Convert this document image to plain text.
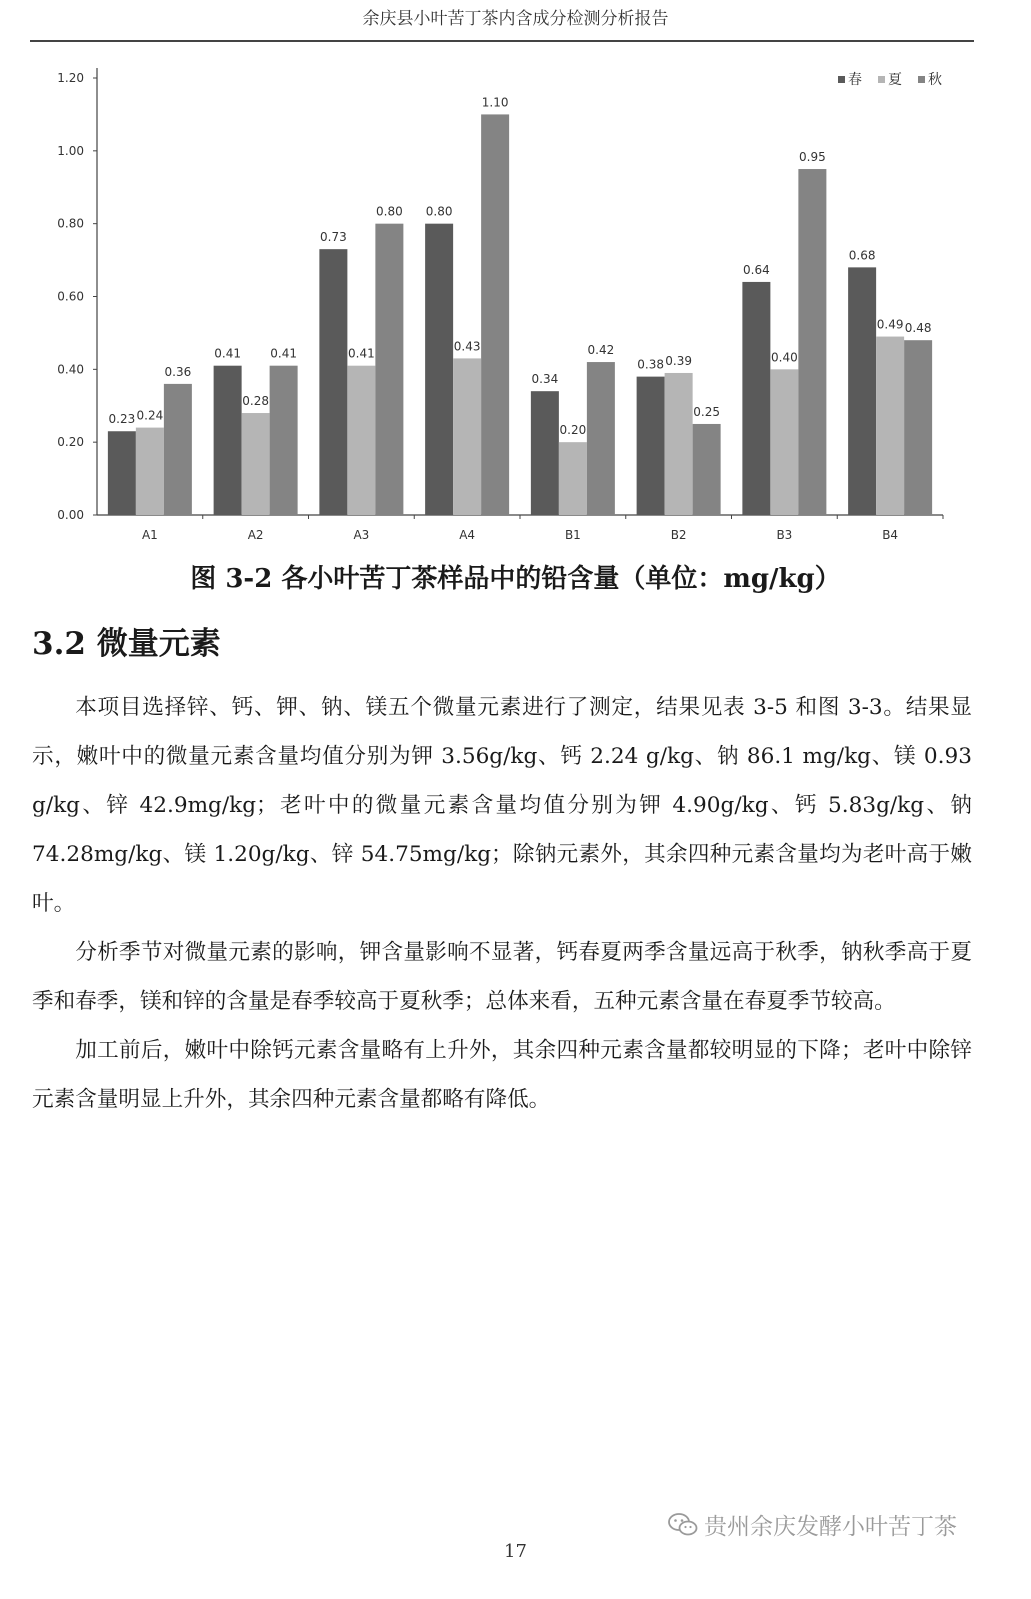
余庆县小叶苦丁茶内含成分检测分析报告
0.00
0.20
0.40
0.60
0.80
1.00
1.20
0.23 0.24
0.36
A1
0.41
0.28
0.41
A2
0.73
0.41
0.80
A3
0.80
0.43
1.10
A4
0.34
0.20
0.42
B1
0.38 0.39
0.25
B2
0.64
0.40
0.95
B3
0.68
0.49 0.48
B4
春 夏 秋
图 3-2 各小叶苦丁茶样品中的铅含量（单位：mg/kg）
3.2 微量元素

本项目选择锌、钙、钾、钠、镁五个微量元素进行了测定，结果见表 3-5 和图 3-3。结果显示，嫩叶中的微量元素含量均值分别为钾 3.56g/kg、钙 2.24 g/kg、钠 86.1 mg/kg、镁 0.93 g/kg、锌 42.9mg/kg；老叶中的微量元素含量均值分别为钾 4.90g/kg、钙 5.83g/kg、钠 74.28mg/kg、镁 1.20g/kg、锌 54.75mg/kg；除钠元素外，其余四种元素含量均为老叶高于嫩叶。

分析季节对微量元素的影响，钾含量影响不显著，钙春夏两季含量远高于秋季，钠秋季高于夏季和春季，镁和锌的含量是春季较高于夏秋季；总体来看，五种元素含量在春夏季节较高。

加工前后，嫩叶中除钙元素含量略有上升外，其余四种元素含量都较明显的下降；老叶中除锌元素含量明显上升外，其余四种元素含量都略有降低。

贵州余庆发酵小叶苦丁茶
17
